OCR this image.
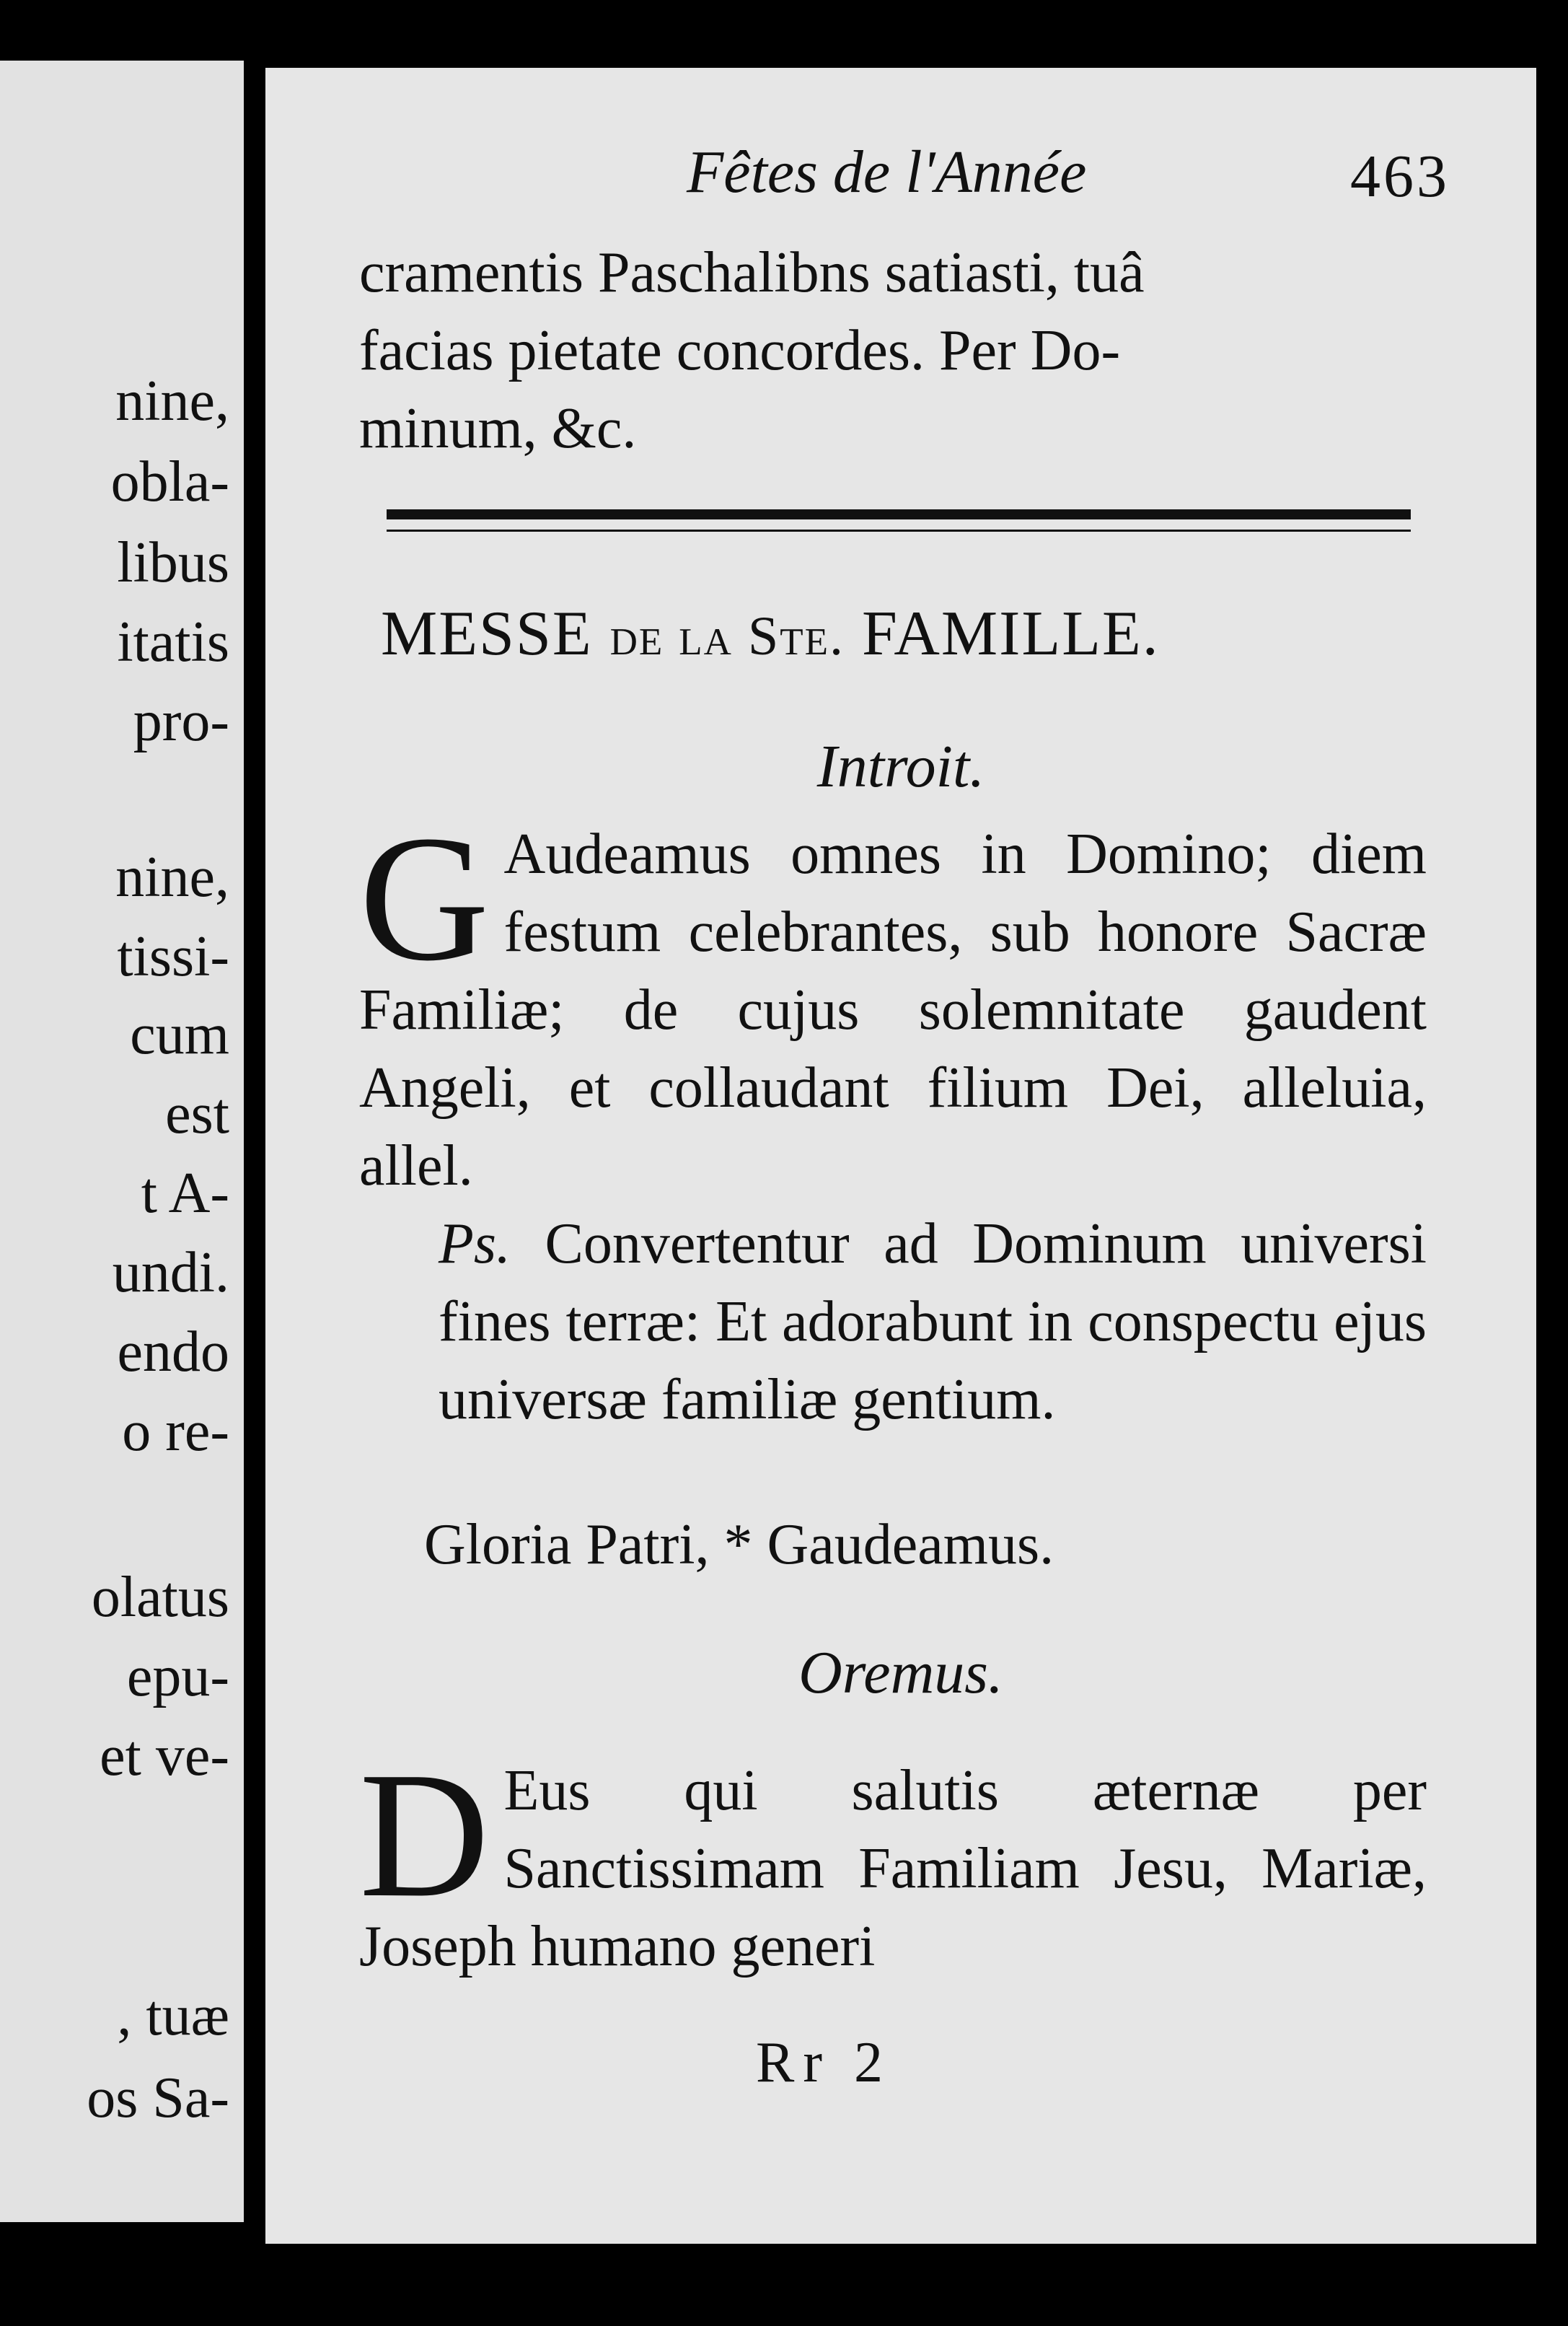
nine,
obla-
libus
itatis
pro-
nine,
tissi-
cum
est
t A-
undi.
endo
o re-
olatus
epu-
et ve-
, tuæ
os Sa-
Fêtes de l'Année	463
cramentis Paschalibns satiasti, tuâ
facias pietate concordes. Per Do-
minum, &c.
MESSE de la Ste. FAMILLE.
Introit.
G Audeamus omnes in Domino; diem festum celebrantes, sub honore Sacræ Familiæ; de cujus solemnitate gaudent Angeli, et collaudant filium Dei, alleluia, allel.
Ps. Convertentur ad Dominum universi fines terræ: Et adorabunt in conspectu ejus universæ familiæ gentium.
Gloria Patri, * Gaudeamus.
Oremus.
D Eus qui salutis æternæ per Sanctissimam Familiam Jesu, Mariæ, Joseph humano generi
Rr 2
